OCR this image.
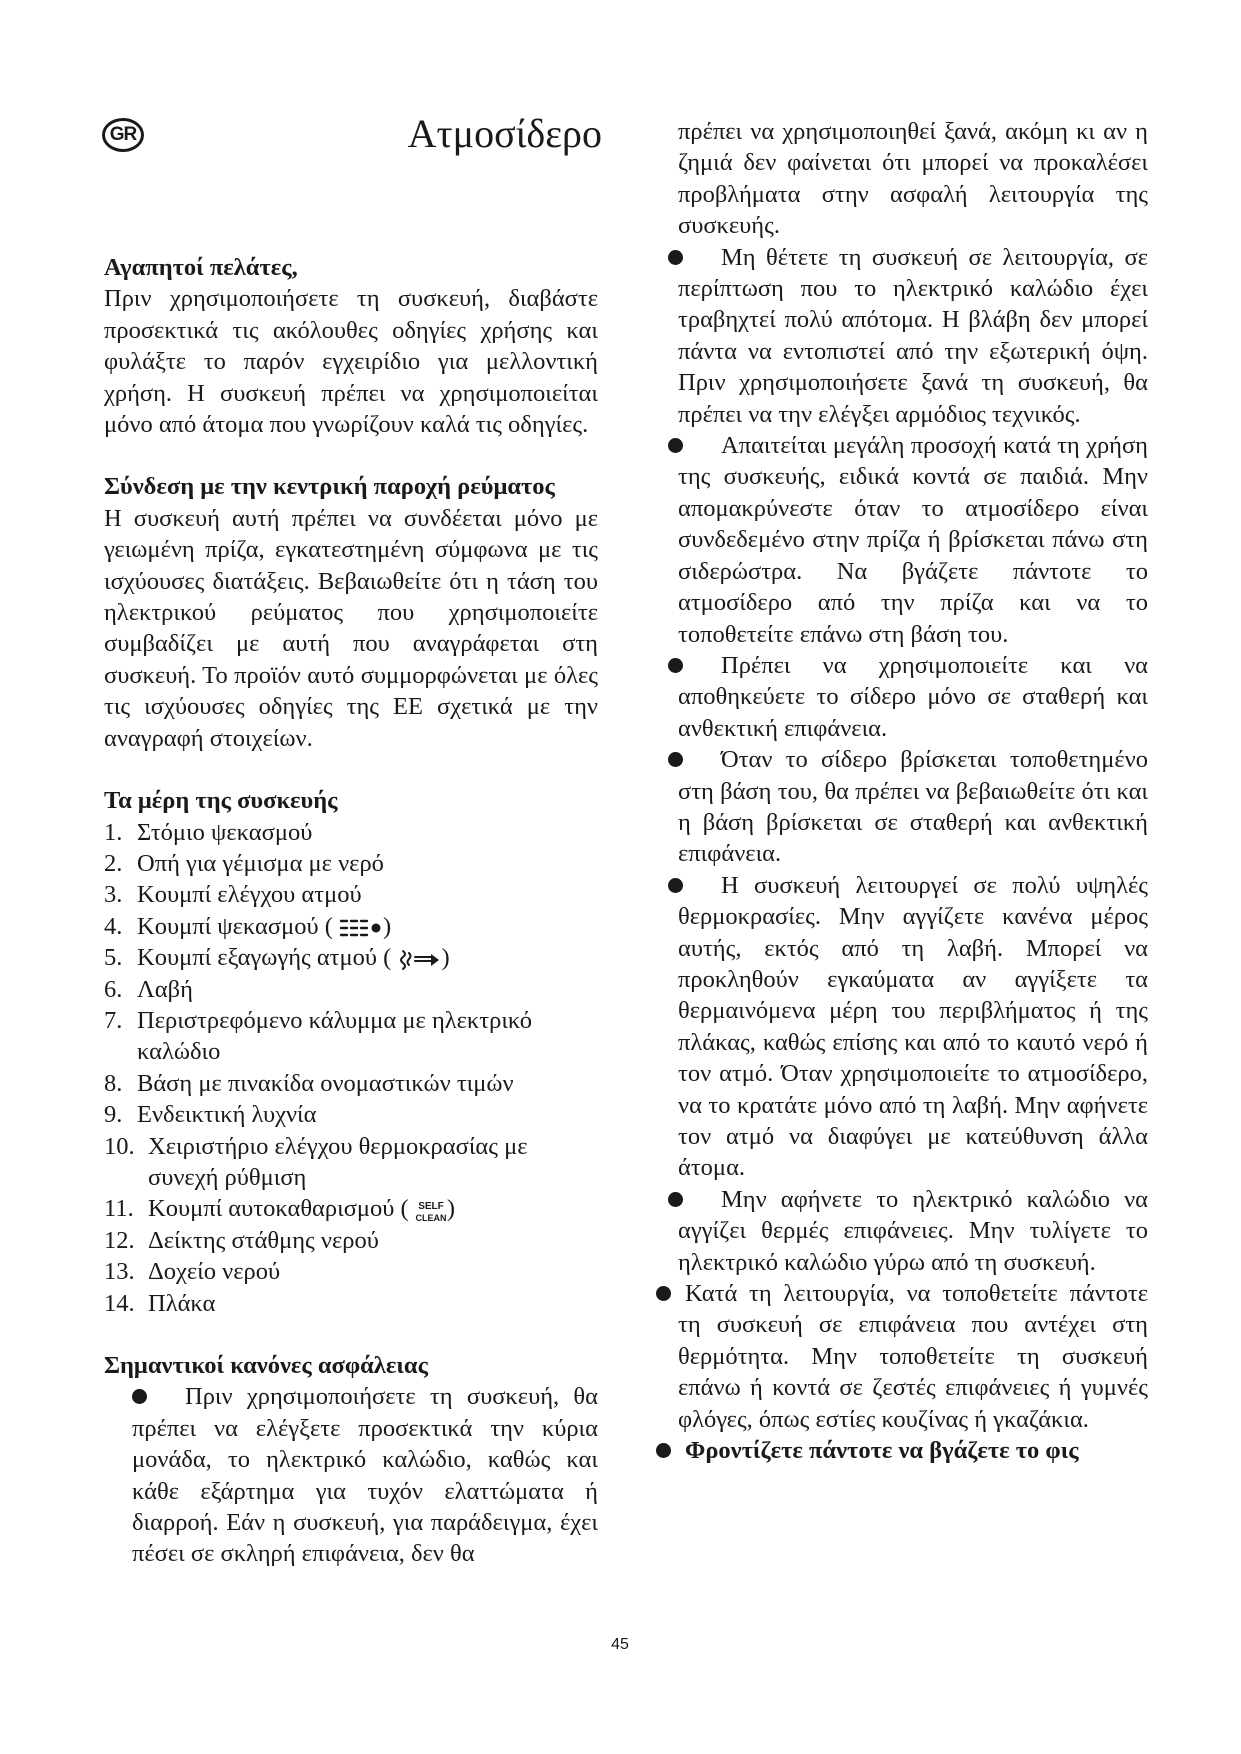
GR	Ατμοσίδερο

Αγαπητοί πελάτες,

Πριν χρησιμοποιήσετε τη συσκευή, διαβάστε προσεκτικά τις ακόλουθες οδηγίες χρήσης και φυλάξτε το παρόν εγχειρίδιο για μελλοντική χρήση. Η συσκευή πρέπει να χρησιμοποιείται μόνο από άτομα που γνωρίζουν καλά τις οδηγίες.

Σύνδεση με την κεντρική παροχή ρεύματος

Η συσκευή αυτή πρέπει να συνδέεται μόνο με γειωμένη πρίζα, εγκατεστημένη σύμφωνα με τις ισχύουσες διατάξεις. Βεβαιωθείτε ότι η τάση του ηλεκτρικού ρεύματος που χρησιμοποιείτε συμβαδίζει με αυτή που αναγράφεται στη συσκευή. Το προϊόν αυτό συμμορφώνεται με όλες τις ισχύουσες οδηγίες της ΕΕ σχετικά με την αναγραφή στοιχείων.

Τα μέρη της συσκευής

1. Στόμιο ψεκασμού
2. Οπή για γέμισμα με νερό
3. Κουμπί ελέγχου ατμού
4. Κουμπί ψεκασμού ( )
5. Κουμπί εξαγωγής ατμού ( )
6. Λαβή
7. Περιστρεφόμενο κάλυμμα με ηλεκτρικό καλώδιο
8. Βάση με πινακίδα ονομαστικών τιμών
9. Ενδεικτική λυχνία
10. Χειριστήριο ελέγχου θερμοκρασίας με συνεχή ρύθμιση
11. Κουμπί αυτοκαθαρισμού ( SELF
CLEAN )
12. Δείκτης στάθμης νερού
13. Δοχείο νερού
14. Πλάκα

Σημαντικοί κανόνες ασφάλειας

Πριν χρησιμοποιήσετε τη συσκευή, θα πρέπει να ελέγξετε προσεκτικά την κύρια μονάδα, το ηλεκτρικό καλώδιο, καθώς και κάθε εξάρτημα για τυχόν ελαττώματα ή διαρροή. Εάν η συσκευή, για παράδειγμα, έχει πέσει σε σκληρή επιφάνεια, δεν θα

πρέπει να χρησιμοποιηθεί ξανά, ακόμη κι αν η ζημιά δεν φαίνεται ότι μπορεί να προκαλέσει προβλήματα στην ασφαλή λειτουργία της συσκευής.

Μη θέτετε τη συσκευή σε λειτουργία, σε περίπτωση που το ηλεκτρικό καλώδιο έχει τραβηχτεί πολύ απότομα. Η βλάβη δεν μπορεί πάντα να εντοπιστεί από την εξωτερική όψη. Πριν χρησιμοποιήσετε ξανά τη συσκευή, θα πρέπει να την ελέγξει αρμόδιος τεχνικός.

Απαιτείται μεγάλη προσοχή κατά τη χρήση της συσκευής, ειδικά κοντά σε παιδιά. Μην απομακρύνεστε όταν το ατμοσίδερο είναι συνδεδεμένο στην πρίζα ή βρίσκεται πάνω στη σιδερώστρα. Να βγάζετε πάντοτε το ατμοσίδερο από την πρίζα και να το τοποθετείτε επάνω στη βάση του.

Πρέπει να χρησιμοποιείτε και να αποθηκεύετε το σίδερο μόνο σε σταθερή και ανθεκτική επιφάνεια.

Όταν το σίδερο βρίσκεται τοποθετημένο στη βάση του, θα πρέπει να βεβαιωθείτε ότι και η βάση βρίσκεται σε σταθερή και ανθεκτική επιφάνεια.

Η συσκευή λειτουργεί σε πολύ υψηλές θερμοκρασίες. Μην αγγίζετε κανένα μέρος αυτής, εκτός από τη λαβή. Μπορεί να προκληθούν εγκαύματα αν αγγίξετε τα θερμαινόμενα μέρη του περιβλήματος ή της πλάκας, καθώς επίσης και από το καυτό νερό ή τον ατμό. Όταν χρησιμοποιείτε το ατμοσίδερο, να το κρατάτε μόνο από τη λαβή. Μην αφήνετε τον ατμό να διαφύγει με κατεύθυνση άλλα άτομα.

Μην αφήνετε το ηλεκτρικό καλώδιο να αγγίζει θερμές επιφάνειες. Μην τυλίγετε το ηλεκτρικό καλώδιο γύρω από τη συσκευή.

Κατά τη λειτουργία, να τοποθετείτε πάντοτε τη συσκευή σε επιφάνεια που αντέχει στη θερμότητα. Μην τοποθετείτε τη συσκευή επάνω ή κοντά σε ζεστές επιφάνειες ή γυμνές φλόγες, όπως εστίες κουζίνας ή γκαζάκια.

Φροντίζετε πάντοτε να βγάζετε το φις

45
